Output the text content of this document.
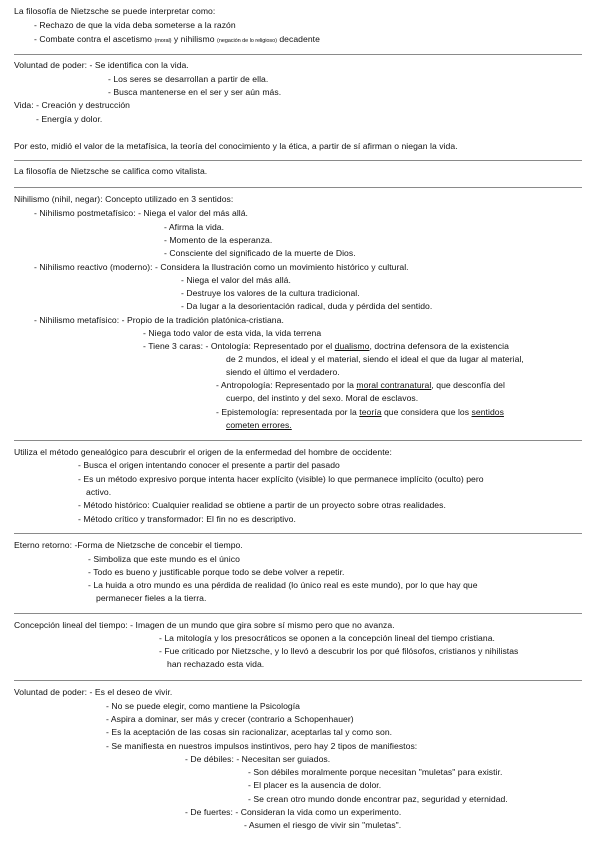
La filosofía de Nietzsche se puede interpretar como:
- Rechazo de que la vida deba someterse a la razón
- Combate contra el ascetismo (moral) y nihilismo (negación de lo religioso) decadente
Voluntad de poder: - Se identifica con la vida.
- Los seres se desarrollan a partir de ella.
- Busca mantenerse en el ser y ser aún más.
Vida: - Creación y destrucción
- Energía y dolor.
Por esto, midió el valor de la metafísica, la teoría del conocimiento y la ética, a partir de sí afirman o niegan la vida.
La filosofía de Nietzsche se califica como vitalista.
Nihilismo (nihil, negar): Concepto utilizado en 3 sentidos:
- Nihilismo postmetafísico: - Niega el valor del más allá.
- Afirma la vida.
- Momento de la esperanza.
- Consciente del significado de la muerte de Dios.
- Nihilismo reactivo (moderno): - Considera la Ilustración como un movimiento histórico y cultural.
- Niega el valor del más allá.
- Destruye los valores de la cultura tradicional.
- Da lugar a la desorientación radical, duda y pérdida del sentido.
- Nihilismo metafísico: - Propio de la tradición platónica-cristiana.
- Niega todo valor de esta vida, la vida terrena
- Tiene 3 caras: - Ontología: Representado por el dualismo, doctrina defensora de la existencia
de 2 mundos, el ideal y el material, siendo el ideal el que da lugar al material,
siendo el último el verdadero.
- Antropología: Representado por la moral contranatural, que desconfía del
cuerpo, del instinto y del sexo. Moral de esclavos.
- Epistemología: representada por la teoría que considera que los sentidos
cometen errores.
Utiliza el método genealógico para descubrir el origen de la enfermedad del hombre de occidente:
- Busca el origen intentando conocer el presente a partir del pasado
- Es un método expresivo porque intenta hacer explícito (visible) lo que permanece implícito (oculto) pero
activo.
- Método histórico: Cualquier realidad se obtiene a partir de un proyecto sobre otras realidades.
- Método crítico y transformador: El fin no es descriptivo.
Eterno retorno: -Forma de Nietzsche de concebir el tiempo.
- Simboliza que este mundo es el único
- Todo es bueno y justificable porque todo se debe volver a repetir.
- La huida a otro mundo es una pérdida de realidad (lo único real es este mundo), por lo que hay que
permanecer fieles a la tierra.
Concepción lineal del tiempo: - Imagen de un mundo que gira sobre sí mismo pero que no avanza.
- La mitología y los presocráticos se oponen a la concepción lineal del tiempo cristiana.
- Fue criticado por Nietzsche, y lo llevó a descubrir los por qué filósofos, cristianos y nihilistas
han rechazado esta vida.
Voluntad de poder: - Es el deseo de vivir.
- No se puede elegir, como mantiene la Psicología
- Aspira a dominar, ser más y crecer (contrario a Schopenhauer)
- Es la aceptación de las cosas sin racionalizar, aceptarlas tal y como son.
- Se manifiesta en nuestros impulsos instintivos, pero hay 2 tipos de manifiestos:
- De débiles: - Necesitan ser guiados.
- Son débiles moralmente porque necesitan "muletas" para existir.
- El placer es la ausencia de dolor.
- Se crean otro mundo donde encontrar paz, seguridad y eternidad.
- De fuertes: - Consideran la vida como un experimento.
- Asumen el riesgo de vivir sin "muletas".
